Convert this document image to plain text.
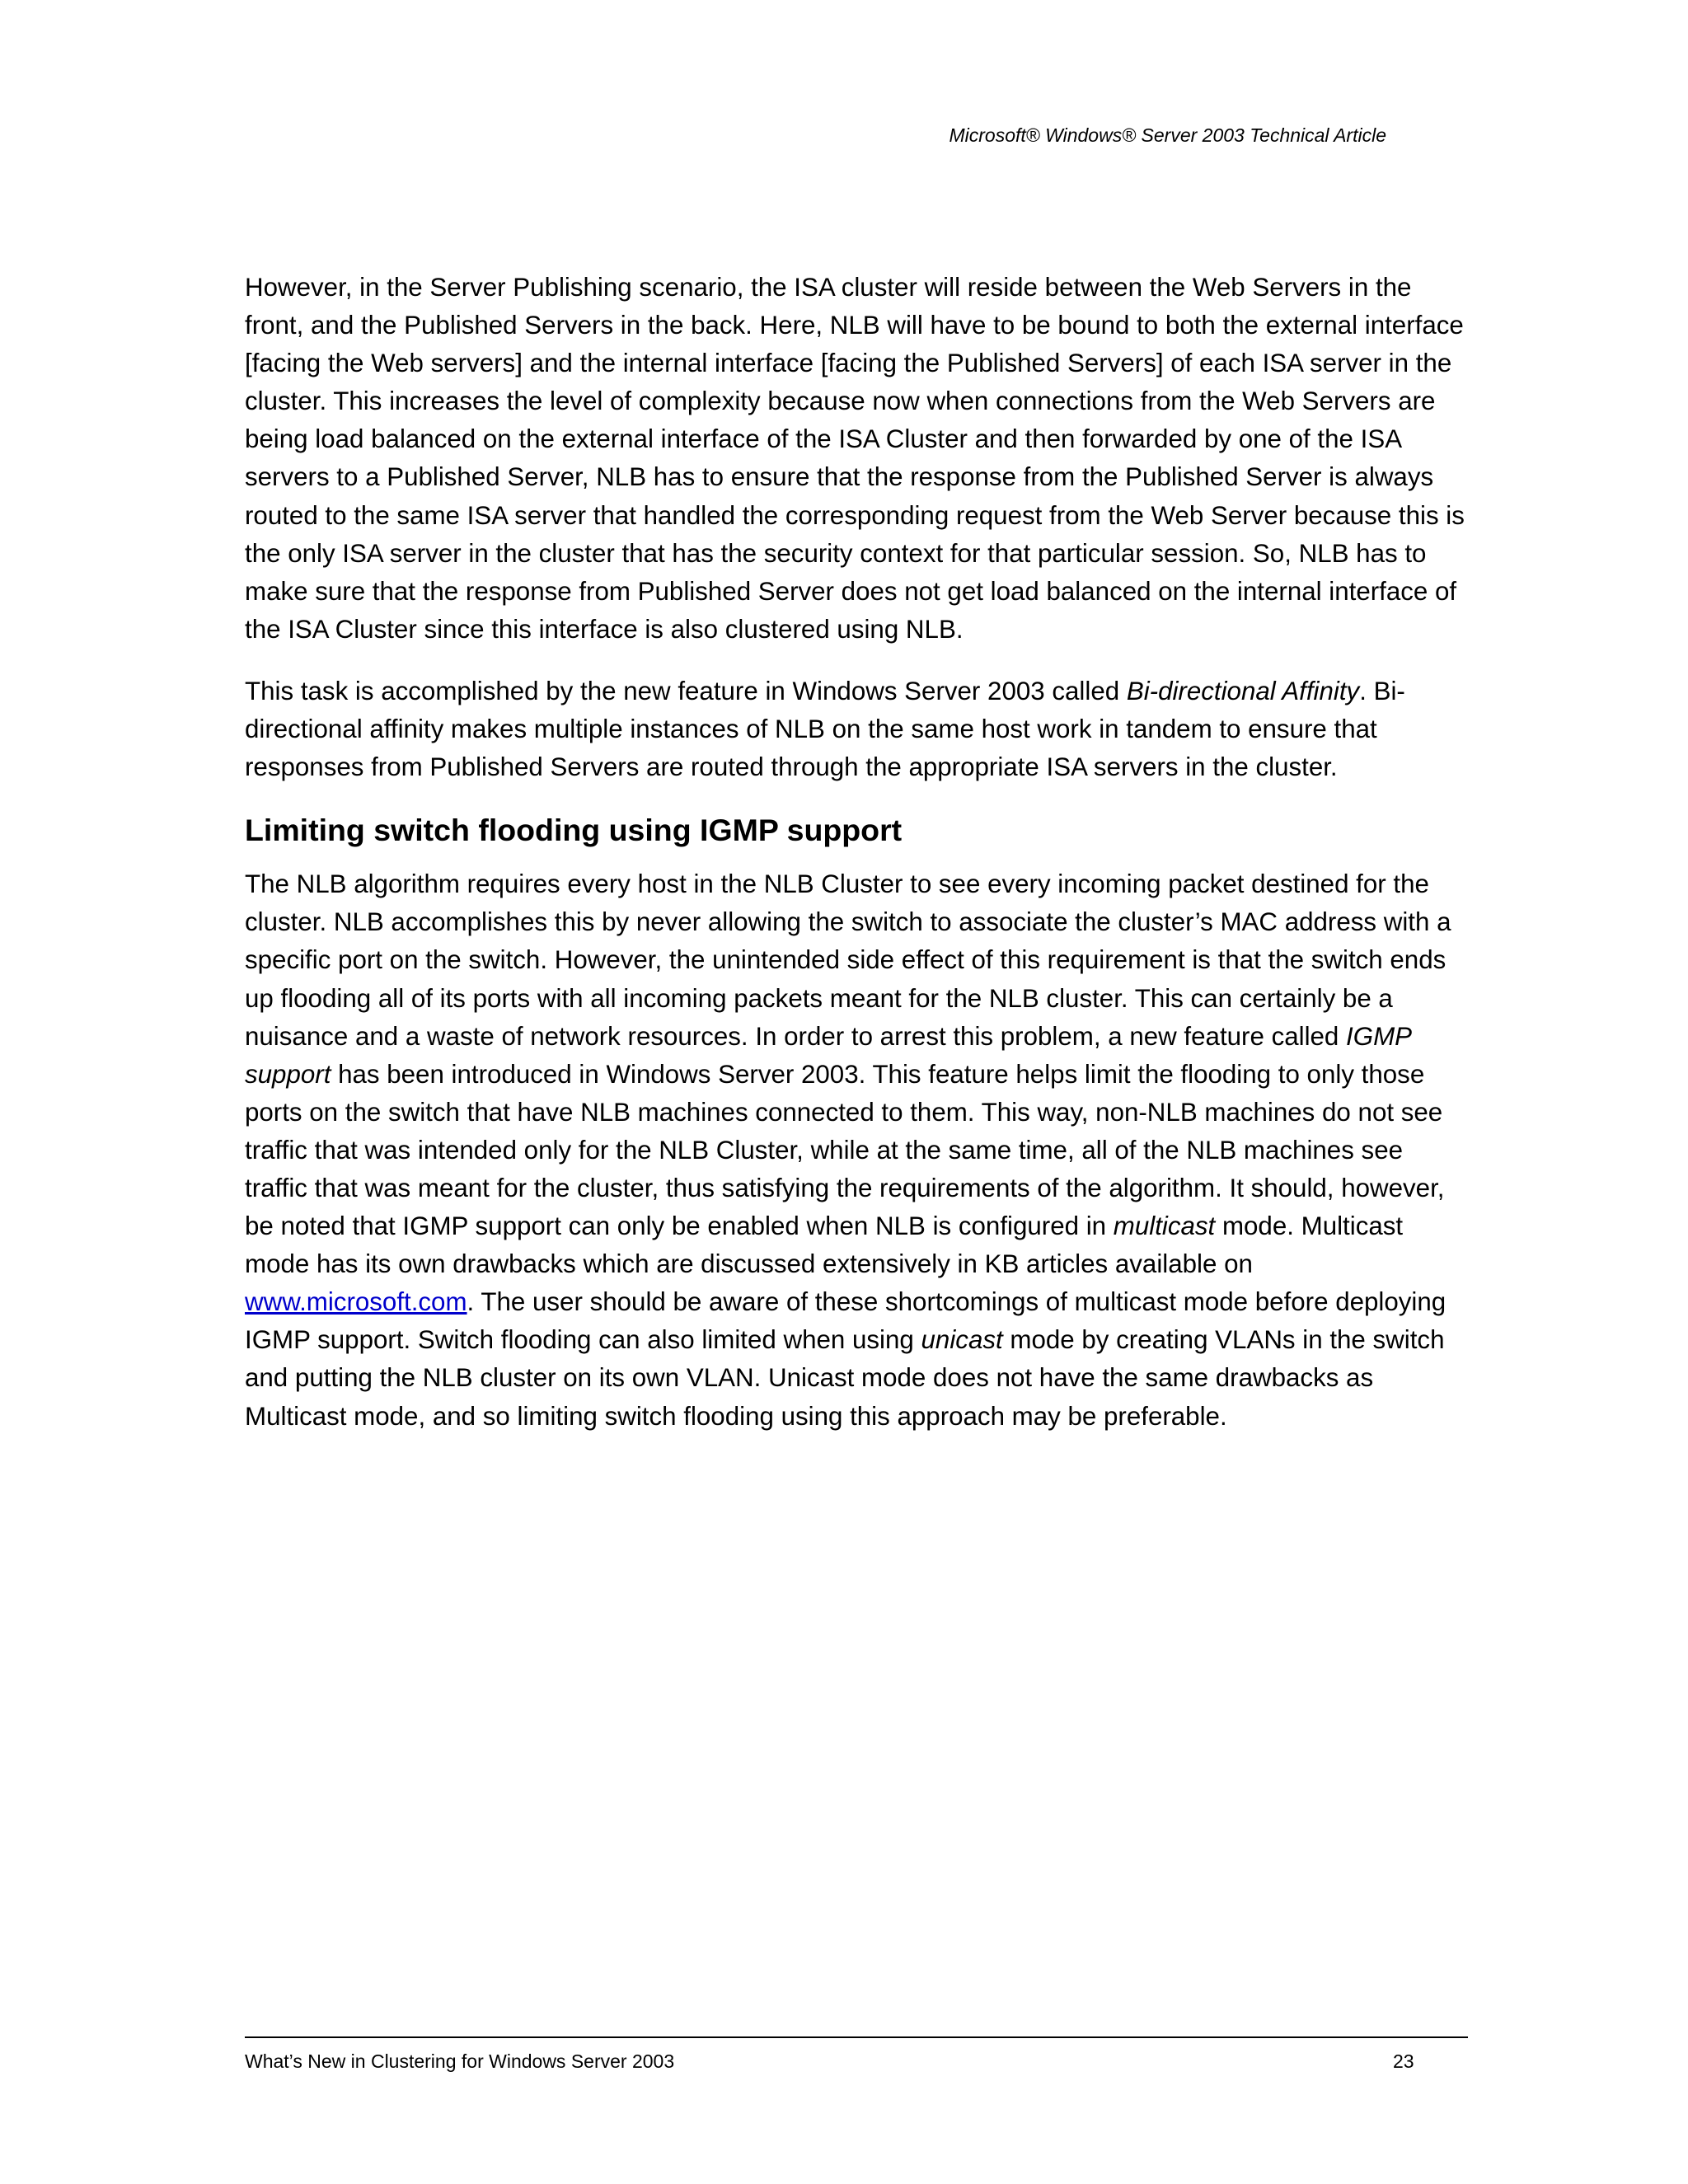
Microsoft® Windows® Server 2003 Technical Article

However, in the Server Publishing scenario, the ISA cluster will reside between the Web Servers in the front, and the Published Servers in the back. Here, NLB will have to be bound to both the external interface [facing the Web servers] and the internal interface [facing the Published Servers] of each ISA server in the cluster. This increases the level of complexity because now when connections from the Web Servers are being load balanced on the external interface of the ISA Cluster and then forwarded by one of the ISA servers to a Published Server, NLB has to ensure that the response from the Published Server is always routed to the same ISA server that handled the corresponding request from the Web Server because this is the only ISA server in the cluster that has the security context for that particular session. So, NLB has to make sure that the response from Published Server does not get load balanced on the internal interface of the ISA Cluster since this interface is also clustered using NLB.

This task is accomplished by the new feature in Windows Server 2003 called Bi-directional Affinity. Bi-directional affinity makes multiple instances of NLB on the same host work in tandem to ensure that responses from Published Servers are routed through the appropriate ISA servers in the cluster.

Limiting switch flooding using IGMP support

The NLB algorithm requires every host in the NLB Cluster to see every incoming packet destined for the cluster. NLB accomplishes this by never allowing the switch to associate the cluster’s MAC address with a specific port on the switch. However, the unintended side effect of this requirement is that the switch ends up flooding all of its ports with all incoming packets meant for the NLB cluster. This can certainly be a nuisance and a waste of network resources. In order to arrest this problem, a new feature called IGMP support has been introduced in Windows Server 2003. This feature helps limit the flooding to only those ports on the switch that have NLB machines connected to them. This way, non-NLB machines do not see traffic that was intended only for the NLB Cluster, while at the same time, all of the NLB machines see traffic that was meant for the cluster, thus satisfying the requirements of the algorithm. It should, however, be noted that IGMP support can only be enabled when NLB is configured in multicast mode. Multicast mode has its own drawbacks which are discussed extensively in KB articles available on www.microsoft.com. The user should be aware of these shortcomings of multicast mode before deploying IGMP support. Switch flooding can also limited when using unicast mode by creating VLANs in the switch and putting the NLB cluster on its own VLAN. Unicast mode does not have the same drawbacks as Multicast mode, and so limiting switch flooding using this approach may be preferable.

What’s New in Clustering for Windows Server 2003	23
